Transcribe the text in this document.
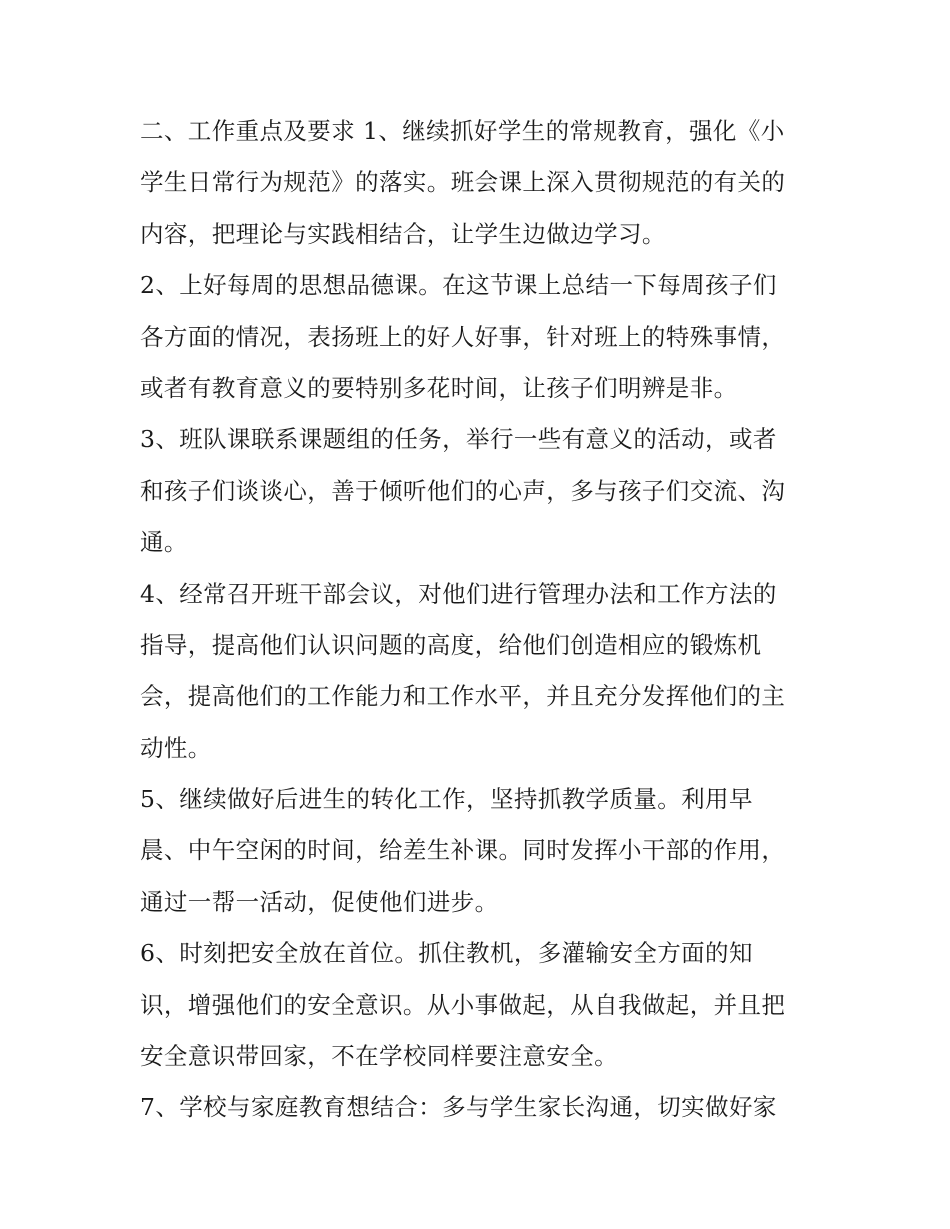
二、工作重点及要求 1、继续抓好学生的常规教育，强化《小
学生日常行为规范》的落实。班会课上深入贯彻规范的有关的
内容，把理论与实践相结合，让学生边做边学习。
2、上好每周的思想品德课。在这节课上总结一下每周孩子们
各方面的情况，表扬班上的好人好事，针对班上的特殊事情，
或者有教育意义的要特别多花时间，让孩子们明辨是非。
3、班队课联系课题组的任务，举行一些有意义的活动，或者
和孩子们谈谈心，善于倾听他们的心声，多与孩子们交流、沟
通。
4、经常召开班干部会议，对他们进行管理办法和工作方法的
指导，提高他们认识问题的高度，给他们创造相应的锻炼机
会，提高他们的工作能力和工作水平，并且充分发挥他们的主
动性。
5、继续做好后进生的转化工作，坚持抓教学质量。利用早
晨、中午空闲的时间，给差生补课。同时发挥小干部的作用，
通过一帮一活动，促使他们进步。
6、时刻把安全放在首位。抓住教机，多灌输安全方面的知
识，增强他们的安全意识。从小事做起，从自我做起，并且把
安全意识带回家，不在学校同样要注意安全。
7、学校与家庭教育想结合：多与学生家长沟通，切实做好家
